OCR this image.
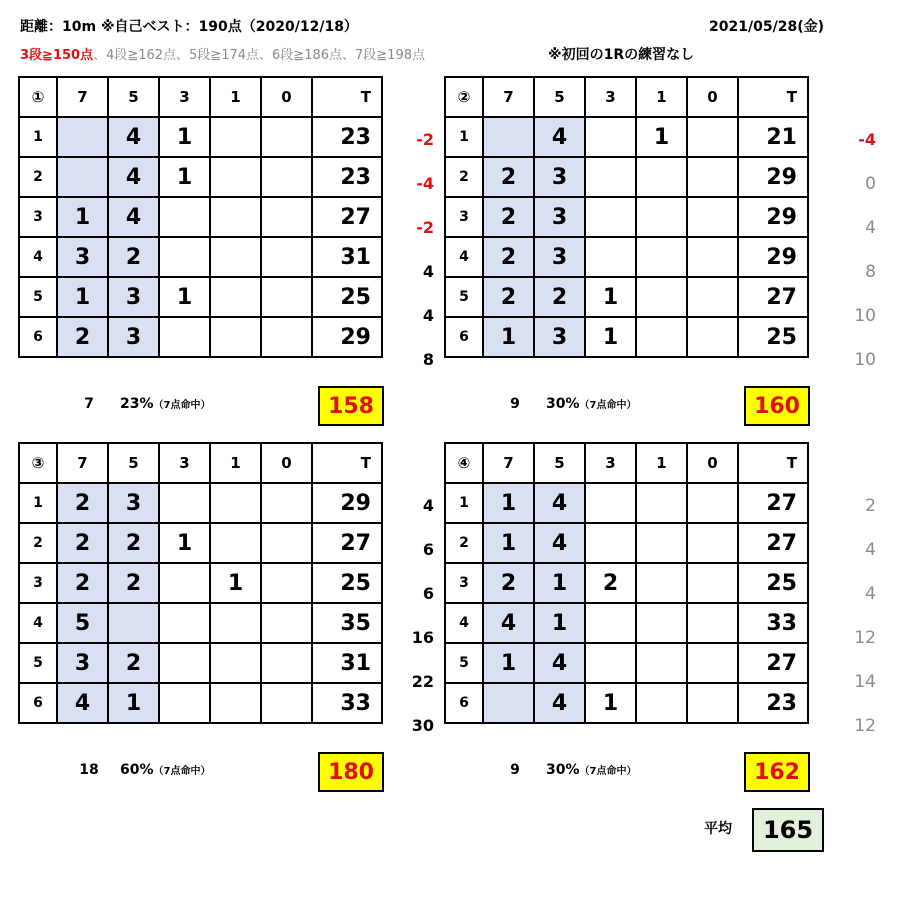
距離：10m ※自己ベスト：190点（2020/12/18）	2021/05/28(金)
3段≧150点、4段≧162点、5段≧174点、6段≧186点、7段≧198点	※初回の1Rの練習なし
-2
-4
-2
4
4
8
①	7	5	3	1	0	T
1		4	1			23
2		4	1			23
3	1	4				27
4	3	2				31
5	1	3	1			25
6	2	3				29
7 23%（7点命中）	158
-4
0
4
8
10
10
②	7	5	3	1	0	T
1		4		1		21
2	2	3				29
3	2	3				29
4	2	3				29
5	2	2	1			27
6	1	3	1			25
9 30%（7点命中）	160
4
6
6
16
22
30
③	7	5	3	1	0	T
1	2	3				29
2	2	2	1			27
3	2	2		1		25
4	5					35
5	3	2				31
6	4	1				33
18 60%（7点命中）	180
2
4
4
12
14
12
④	7	5	3	1	0	T
1	1	4				27
2	1	4				27
3	2	1	2			25
4	4	1				33
5	1	4				27
6		4	1			23
9 30%（7点命中）	162
平均	165
